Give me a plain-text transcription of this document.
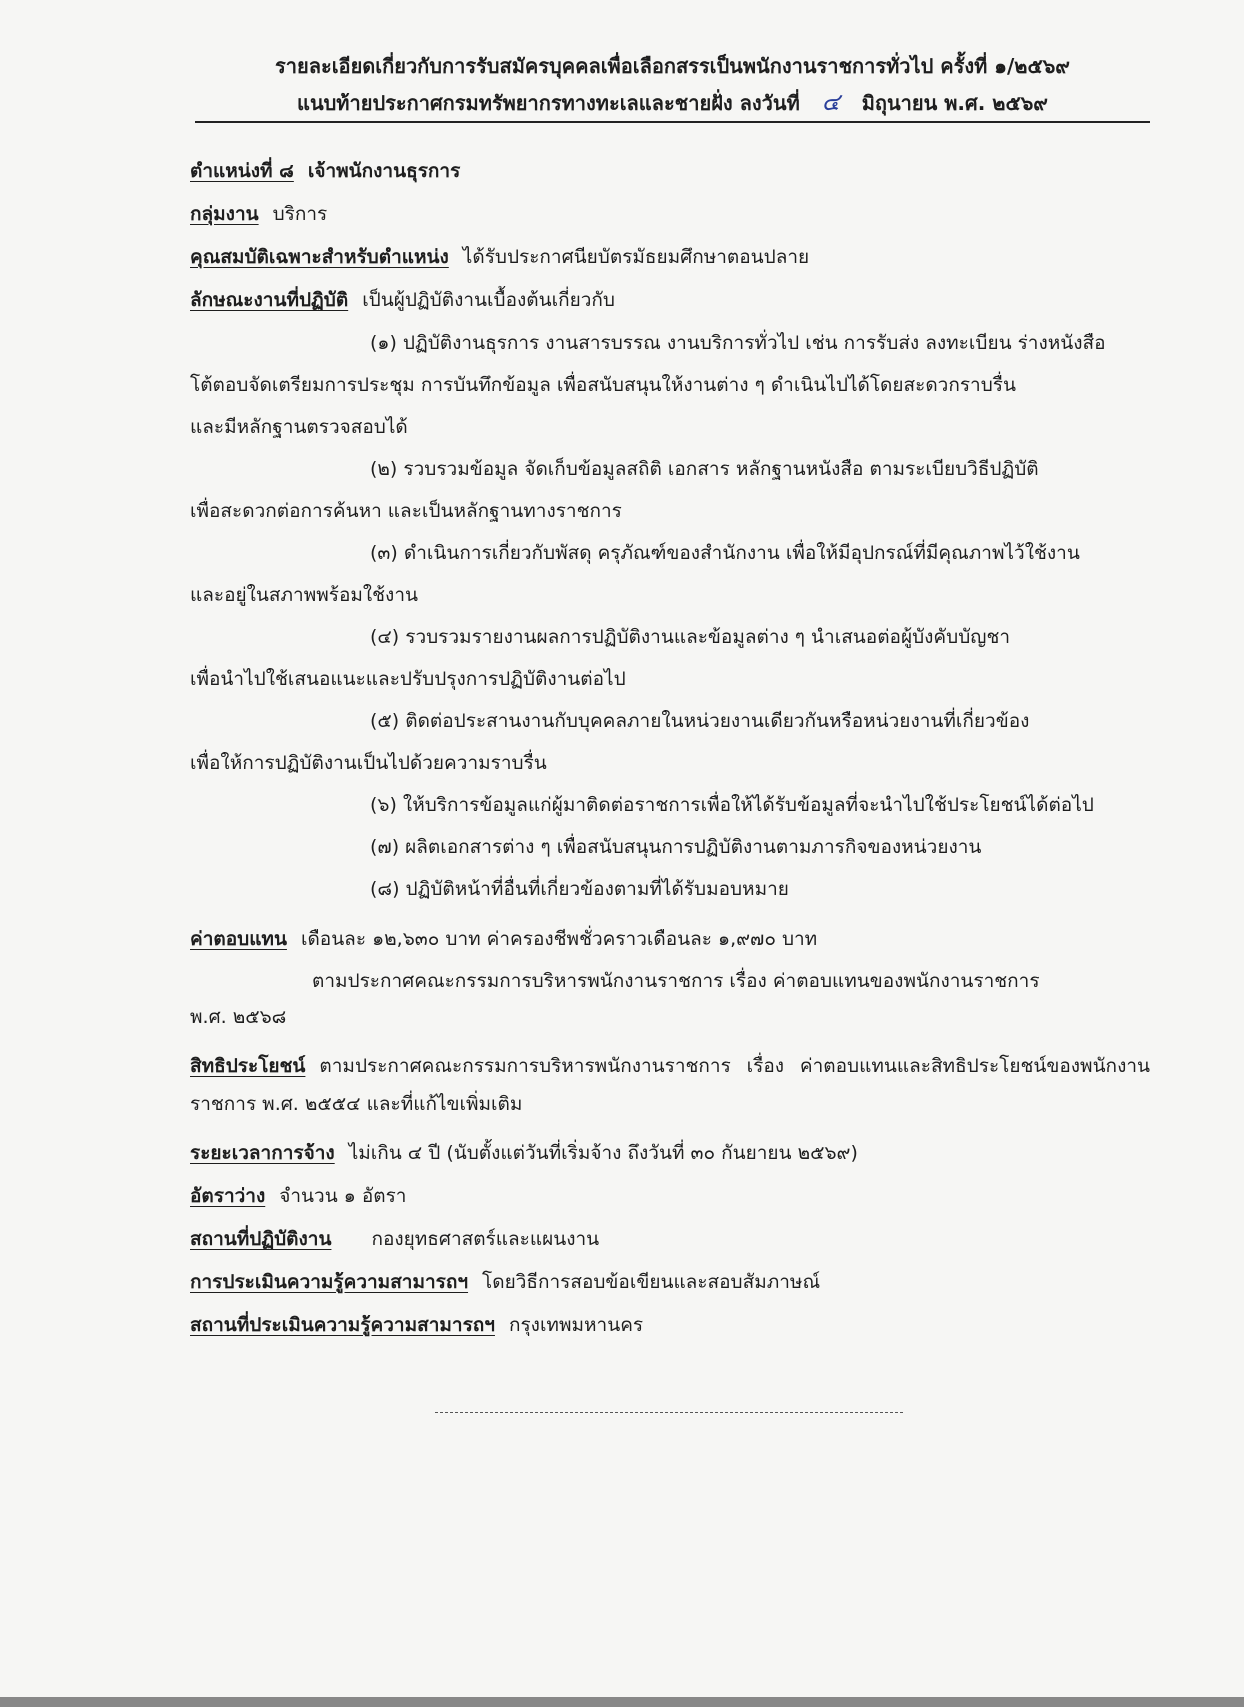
รายละเอียดเกี่ยวกับการรับสมัครบุคคลเพื่อเลือกสรรเป็นพนักงานราชการทั่วไป ครั้งที่ ๑/๒๕๖๙
แนบท้ายประกาศกรมทรัพยากรทางทะเลและชายฝั่ง ลงวันที่ ๔ มิถุนายน พ.ศ. ๒๕๖๙
ตำแหน่งที่ ๘ เจ้าพนักงานธุรการ
กลุ่มงาน บริการ
คุณสมบัติเฉพาะสำหรับตำแหน่ง ได้รับประกาศนียบัตรมัธยมศึกษาตอนปลาย
ลักษณะงานที่ปฏิบัติ เป็นผู้ปฏิบัติงานเบื้องต้นเกี่ยวกับ
(๑) ปฏิบัติงานธุรการ งานสารบรรณ งานบริการทั่วไป เช่น การรับส่ง ลงทะเบียน ร่างหนังสือ
โต้ตอบจัดเตรียมการประชุม การบันทึกข้อมูล เพื่อสนับสนุนให้งานต่าง ๆ ดำเนินไปได้โดยสะดวกราบรื่น
และมีหลักฐานตรวจสอบได้
(๒) รวบรวมข้อมูล จัดเก็บข้อมูลสถิติ เอกสาร หลักฐานหนังสือ ตามระเบียบวิธีปฏิบัติ
เพื่อสะดวกต่อการค้นหา และเป็นหลักฐานทางราชการ
(๓) ดำเนินการเกี่ยวกับพัสดุ ครุภัณฑ์ของสำนักงาน เพื่อให้มีอุปกรณ์ที่มีคุณภาพไว้ใช้งาน
และอยู่ในสภาพพร้อมใช้งาน
(๔) รวบรวมรายงานผลการปฏิบัติงานและข้อมูลต่าง ๆ นำเสนอต่อผู้บังคับบัญชา
เพื่อนำไปใช้เสนอแนะและปรับปรุงการปฏิบัติงานต่อไป
(๕) ติดต่อประสานงานกับบุคคลภายในหน่วยงานเดียวกันหรือหน่วยงานที่เกี่ยวข้อง
เพื่อให้การปฏิบัติงานเป็นไปด้วยความราบรื่น
(๖) ให้บริการข้อมูลแก่ผู้มาติดต่อราชการเพื่อให้ได้รับข้อมูลที่จะนำไปใช้ประโยชน์ได้ต่อไป
(๗) ผลิตเอกสารต่าง ๆ เพื่อสนับสนุนการปฏิบัติงานตามภารกิจของหน่วยงาน
(๘) ปฏิบัติหน้าที่อื่นที่เกี่ยวข้องตามที่ได้รับมอบหมาย
ค่าตอบแทน เดือนละ ๑๒,๖๓๐ บาท ค่าครองชีพชั่วคราวเดือนละ ๑,๙๗๐ บาท
ตามประกาศคณะกรรมการบริหารพนักงานราชการ เรื่อง ค่าตอบแทนของพนักงานราชการ
พ.ศ. ๒๕๖๘
สิทธิประโยชน์ ตามประกาศคณะกรรมการบริหารพนักงานราชการ เรื่อง ค่าตอบแทนและสิทธิประโยชน์ของพนักงานราชการ พ.ศ. ๒๕๕๔ และที่แก้ไขเพิ่มเติม
ระยะเวลาการจ้าง ไม่เกิน ๔ ปี (นับตั้งแต่วันที่เริ่มจ้าง ถึงวันที่ ๓๐ กันยายน ๒๕๖๙)
อัตราว่าง จำนวน ๑ อัตรา
สถานที่ปฏิบัติงาน กองยุทธศาสตร์และแผนงาน
การประเมินความรู้ความสามารถฯ โดยวิธีการสอบข้อเขียนและสอบสัมภาษณ์
สถานที่ประเมินความรู้ความสามารถฯ กรุงเทพมหานคร
